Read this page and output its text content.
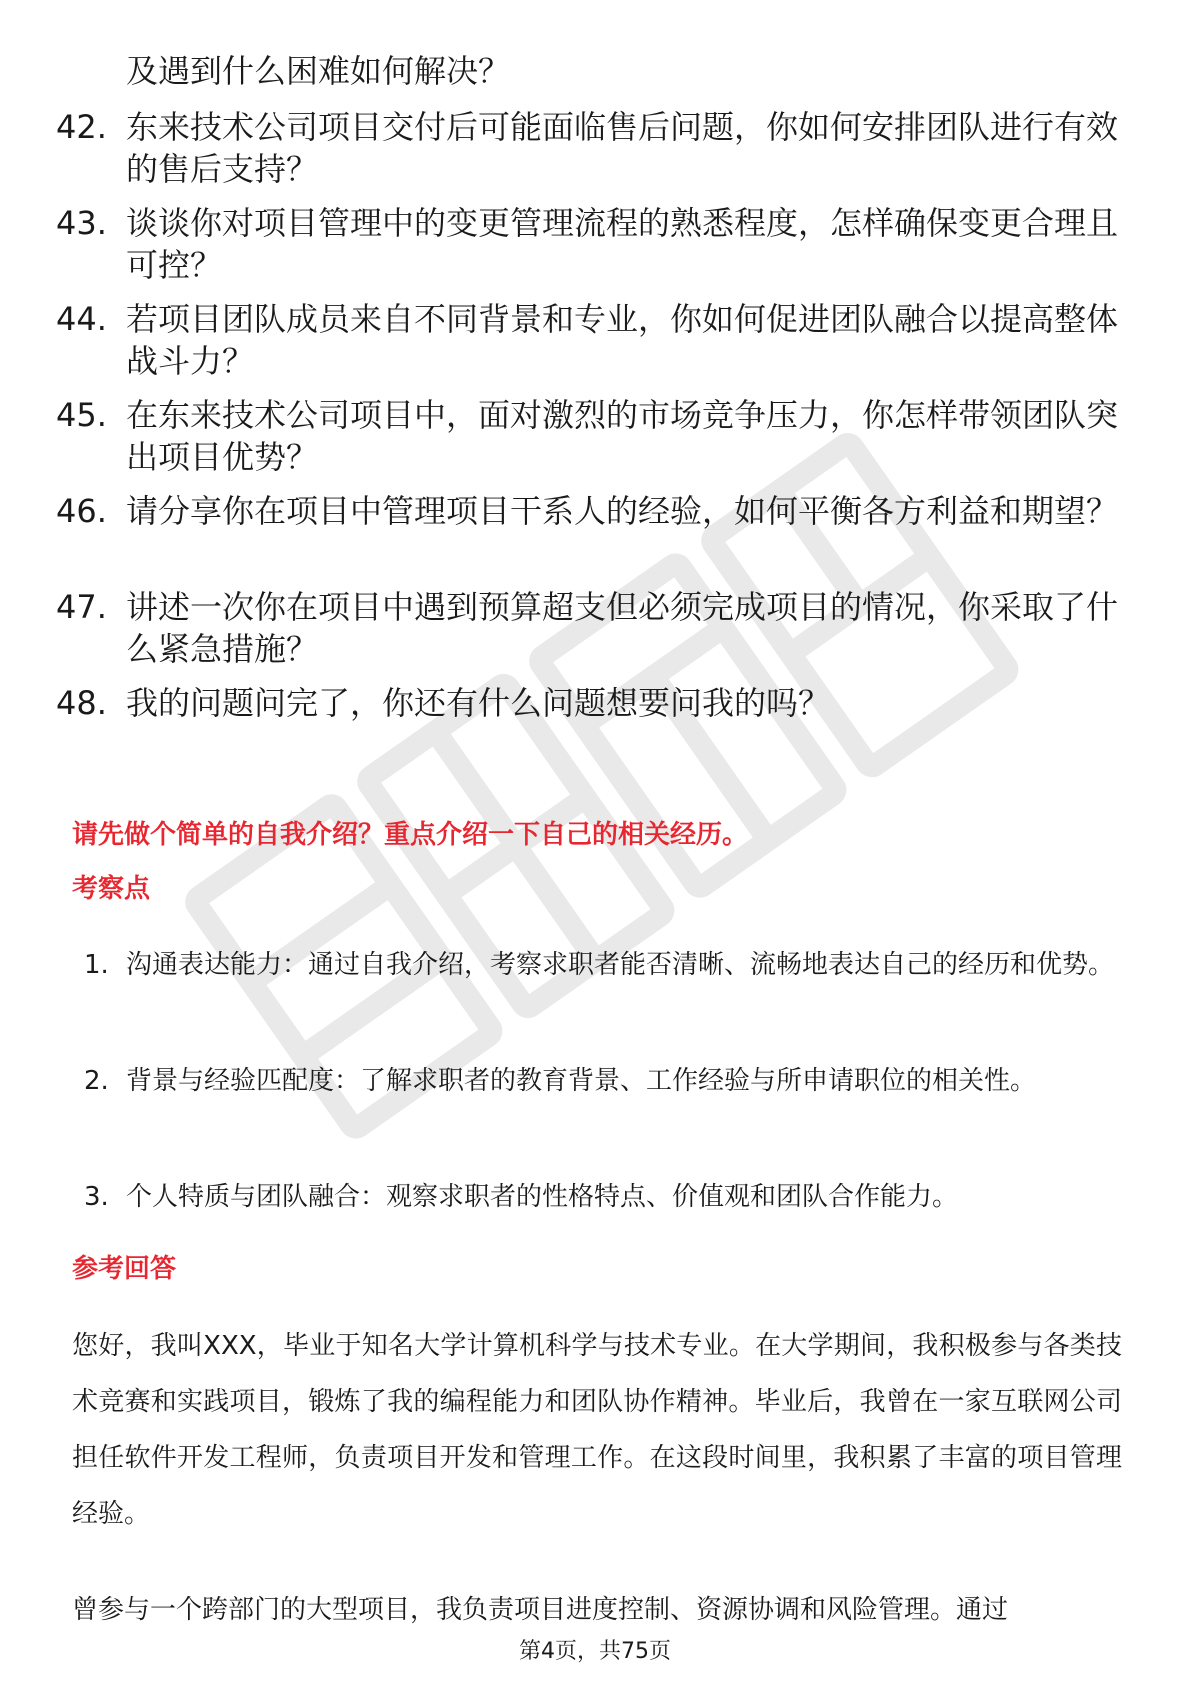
及遇到什么困难如何解决？
42. 东来技术公司项目交付后可能面临售后问题，你如何安排团队进行有效的售后支持？
43. 谈谈你对项目管理中的变更管理流程的熟悉程度，怎样确保变更合理且可控？
44. 若项目团队成员来自不同背景和专业，你如何促进团队融合以提高整体战斗力？
45. 在东来技术公司项目中，面对激烈的市场竞争压力，你怎样带领团队突出项目优势？
46. 请分享你在项目中管理项目干系人的经验，如何平衡各方利益和期望？
47. 讲述一次你在项目中遇到预算超支但必须完成项目的情况，你采取了什么紧急措施？
48. 我的问题问完了，你还有什么问题想要问我的吗？
请先做个简单的自我介绍？重点介绍一下自己的相关经历。
考察点
1. 沟通表达能力：通过自我介绍，考察求职者能否清晰、流畅地表达自己的经历和优势。
2. 背景与经验匹配度：了解求职者的教育背景、工作经验与所申请职位的相关性。
3. 个人特质与团队融合：观察求职者的性格特点、价值观和团队合作能力。
参考回答
您好，我叫XXX，毕业于知名大学计算机科学与技术专业。在大学期间，我积极参与各类技术竞赛和实践项目，锻炼了我的编程能力和团队协作精神。毕业后，我曾在一家互联网公司担任软件开发工程师，负责项目开发和管理工作。在这段时间里，我积累了丰富的项目管理经验。
曾参与一个跨部门的大型项目，我负责项目进度控制、资源协调和风险管理。通过
第4页，共75页
